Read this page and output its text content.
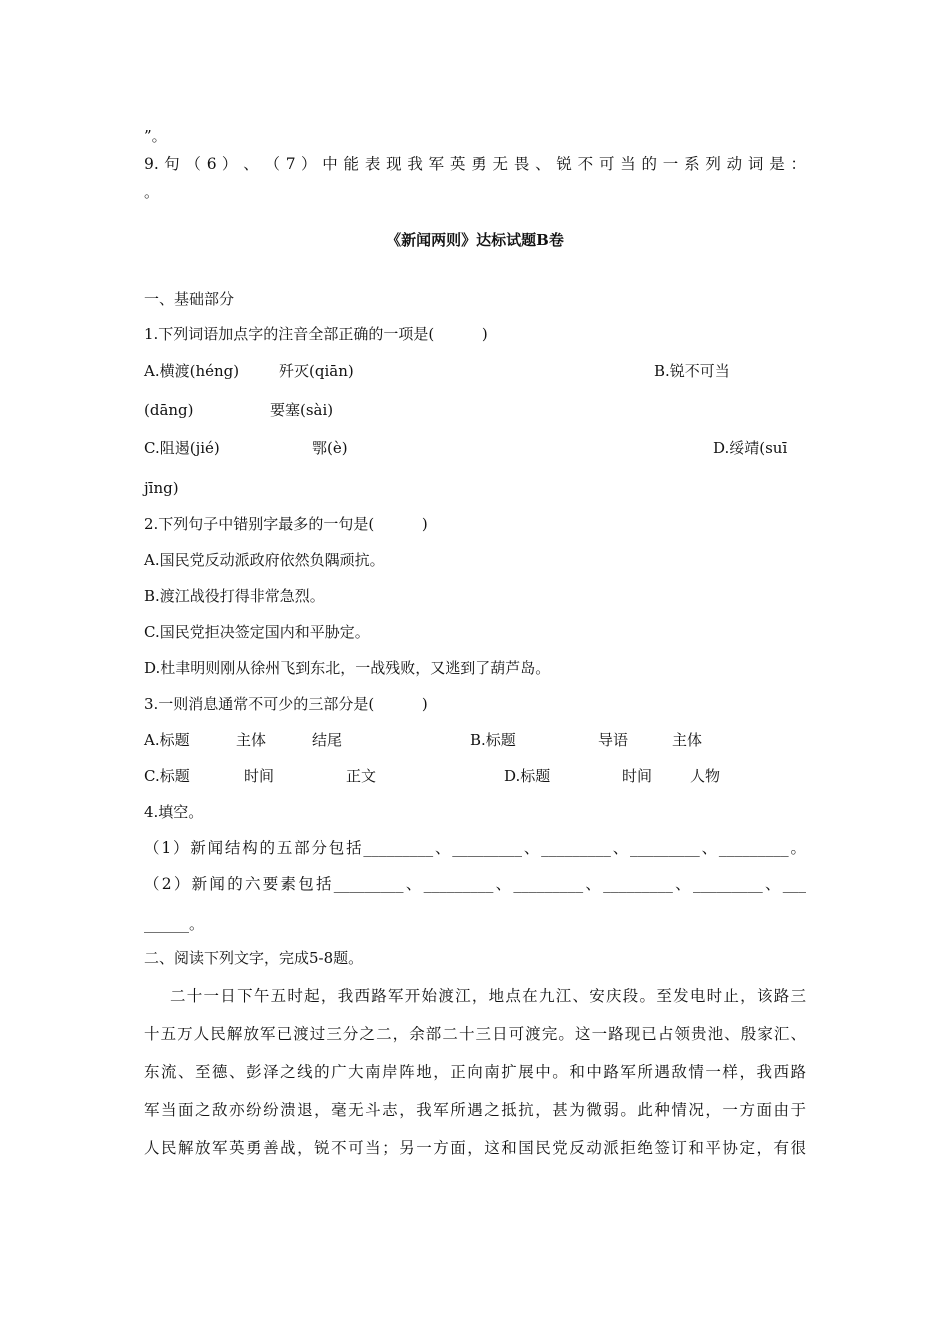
”。
9. 句 （ 6 ） 、 （ 7 ） 中 能 表 现 我 军 英 勇 无 畏 、 锐 不 可 当 的 一 系 列 动 词 是 ：
。
《新闻两则》达标试题B卷
一、基础部分
1.下列词语加点字的注音全部正确的一项是(          )
A.横渡(héng)	歼灭(qiān)	B.锐不可当
(dāng)	要塞(sài)
C.阻遏(jié)	鄂(è)	D.绥靖(suī
jīng)
2.下列句子中错别字最多的一句是(          )
A.国民党反动派政府依然负隅顽抗。
B.渡江战役打得非常急烈。
C.国民党拒决签定国内和平胁定。
D.杜聿明则刚从徐州飞到东北，一战残败，又逃到了葫芦岛。
3.一则消息通常不可少的三部分是(          )
A.标题	主体	结尾	B.标题	导语	主体
C.标题	时间	正文	D.标题	时间	人物
4.填空。
（1）新闻结构的五部分包括_________、_________、_________、_________、_________。
（2）新闻的六要素包括_________、_________、_________、_________、_________、___
______。
二、阅读下列文字，完成5-8题。
二十一日下午五时起，我西路军开始渡江，地点在九江、安庆段。至发电时止，该路三
十五万人民解放军已渡过三分之二，余部二十三日可渡完。这一路现已占领贵池、殷家汇、
东流、至德、彭泽之线的广大南岸阵地，正向南扩展中。和中路军所遇敌情一样，我西路
军当面之敌亦纷纷溃退，毫无斗志，我军所遇之抵抗，甚为微弱。此种情况，一方面由于
人民解放军英勇善战，锐不可当；另一方面，这和国民党反动派拒绝签订和平协定，有很
